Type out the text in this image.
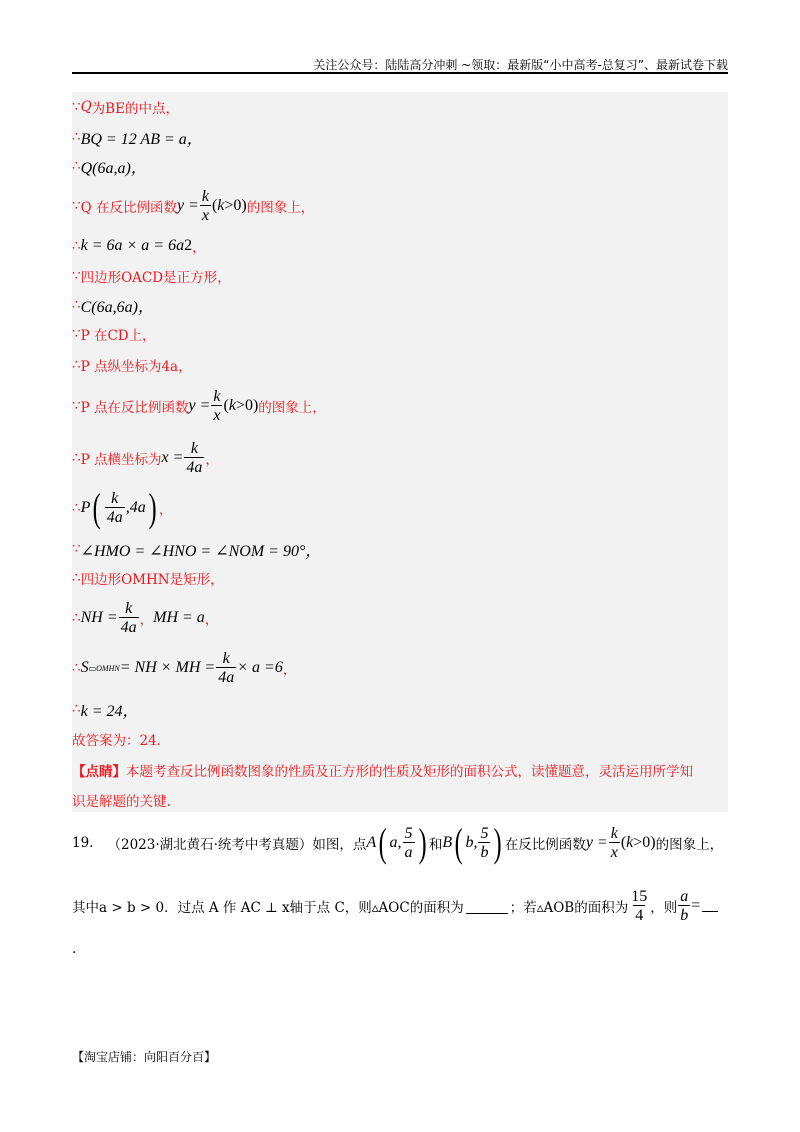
关注公众号：陆陆高分冲刺 ~领取：最新版“小中高考-总复习”、最新试卷下载
∵ Q 为BE的中点，
∴ BQ = 12 AB = a，
∴ Q(6a,a)，
∵ Q 在反比例函数 $y = \frac{k}{x}$ ( k >0) 的图象上，
∴ k = 6a × a = 6a 2 ，
∵ 四边形OACD是正方形，
∴ C(6a,6a)，
∵ P 在CD上，
∴ P 点纵坐标为4a，
∵ P 点在反比例函数 $y = \frac{k}{x}$ ( k >0) 的图象上，
∴ P 点横坐标为 $x = \frac{k}{4a}$ ，
∴ P ( $\frac{k}{4a} ,4a$ ) ，
∵ ∠HMO = ∠HNO = ∠NOM = 90°，
∴ 四边形OMHN是矩形，
∴ NH = $\frac{k}{4a}$ ， MH = a ，
∴ S ▭OMHN = NH × MH = $\frac{k}{4a} \times a =6$ ，
∴ k = 24，
故答案为：24.
【点睛】 本题考查反比例函数图象的性质及正方形的性质及矩形的面积公式，读懂题意，灵活运用所学知
识是解题的关键.
19. （2023·湖北黄石·统考中考真题）如图，点 A ( a, $\frac{5}{a}$ ) 和 B ( b, $\frac{5}{b}$ ) 在反比例函数 $y = \frac{k}{x}$ ( k >0) 的图象上，
其中a > b > 0．过点 A 作 AC ⊥ x轴于点 C，则▵AOC的面积为	；若▵AOB的面积为 $\frac{15}{4}$ ，则 $\frac{a}{b}$ =
.
【淘宝店铺：向阳百分百】
